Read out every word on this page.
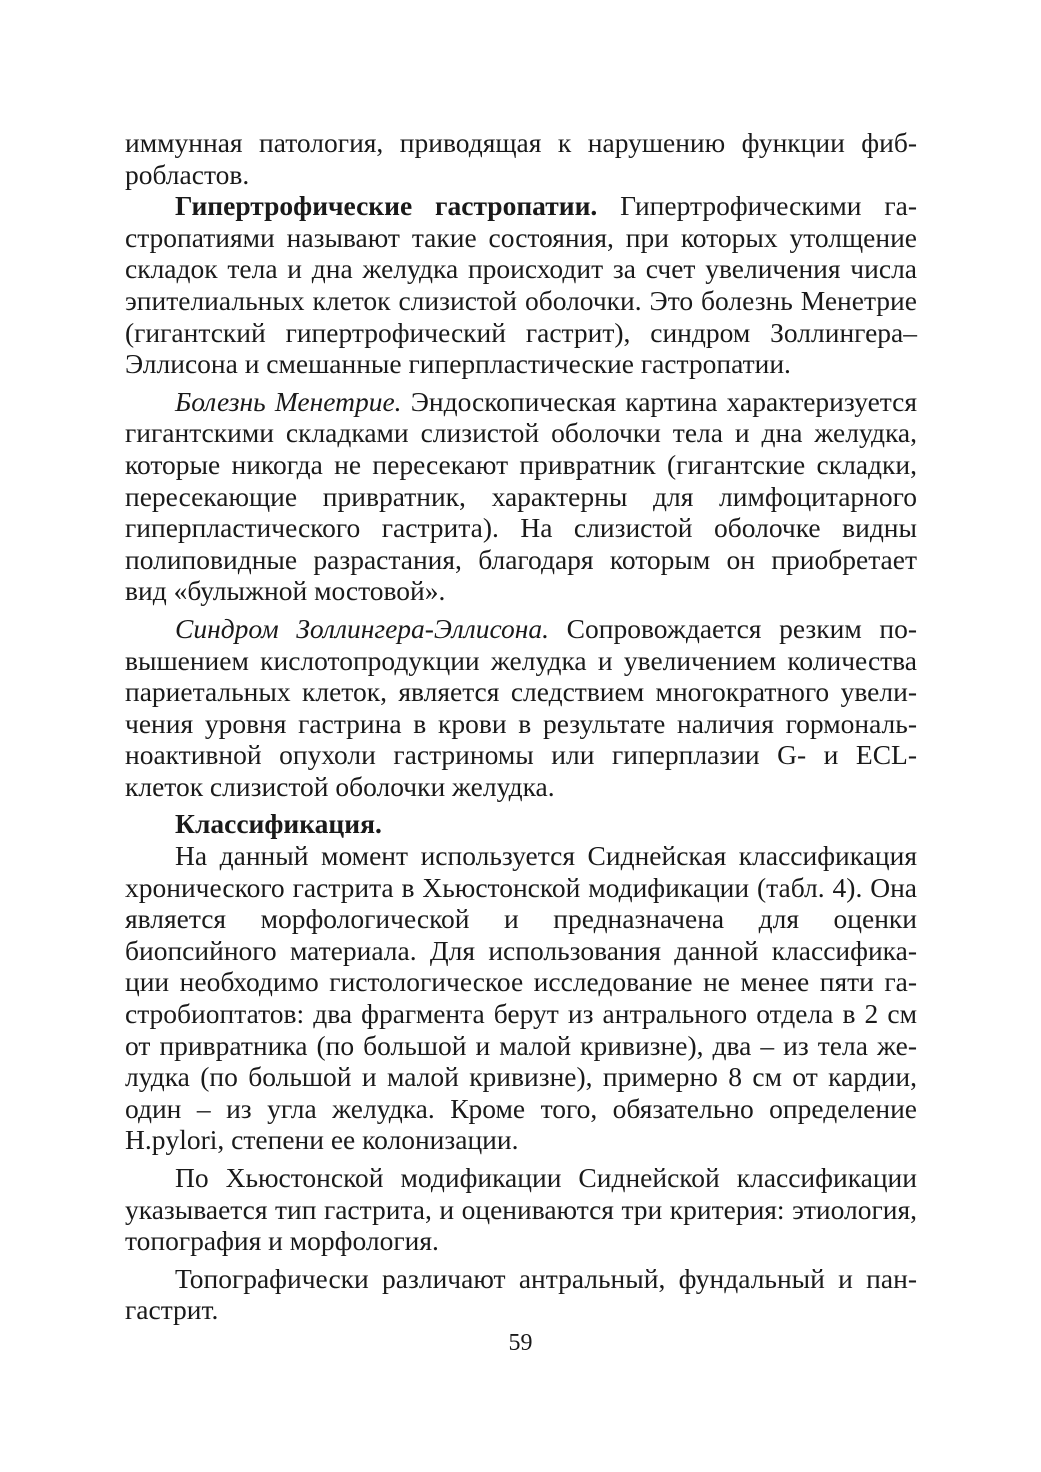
иммунная патология, приводящая к нарушению функции фибробластов.

Гипертрофические гастропатии. Гипертрофическими гастропатиями называют такие состояния, при которых утолщение складок тела и дна желудка происходит за счет увеличения числа эпителиальных клеток слизистой оболочки. Это болезнь Менетрие (гигантский гипертрофический гастрит), синдром Золлингера–Эллисона и смешанные гиперпластические гастропатии.

Болезнь Менетрие. Эндоскопическая картина характеризуется гигантскими складками слизистой оболочки тела и дна желудка, которые никогда не пересекают привратник (гигантские складки, пересекающие привратник, характерны для лимфоцитарного гиперпластического гастрита). На слизистой оболочке видны полиповидные разрастания, благодаря которым он приобретает вид «булыжной мостовой».

Синдром Золлингера-Эллисона. Сопровождается резким повышением кислотопродукции желудка и увеличением количества париетальных клеток, является следствием многократного увеличения уровня гастрина в крови в результате наличия гормональноактивной опухоли гастриномы или гиперплазии G- и ECL-клеток слизистой оболочки желудка.

Классификация.

На данный момент используется Сиднейская классификация хронического гастрита в Хьюстонской модификации (табл. 4). Она является морфологической и предназначена для оценки биопсийного материала. Для использования данной классификации необходимо гистологическое исследование не менее пяти гастробиоптатов: два фрагмента берут из антрального отдела в 2 см от привратника (по большой и малой кривизне), два – из тела желудка (по большой и малой кривизне), примерно 8 см от кардии, один – из угла желудка. Кроме того, обязательно определение H.pylori, степени ее колонизации.

По Хьюстонской модификации Сиднейской классификации указывается тип гастрита, и оцениваются три критерия: этиология, топография и морфология.

Топографически различают антральный, фундальный и пангастрит.

59
